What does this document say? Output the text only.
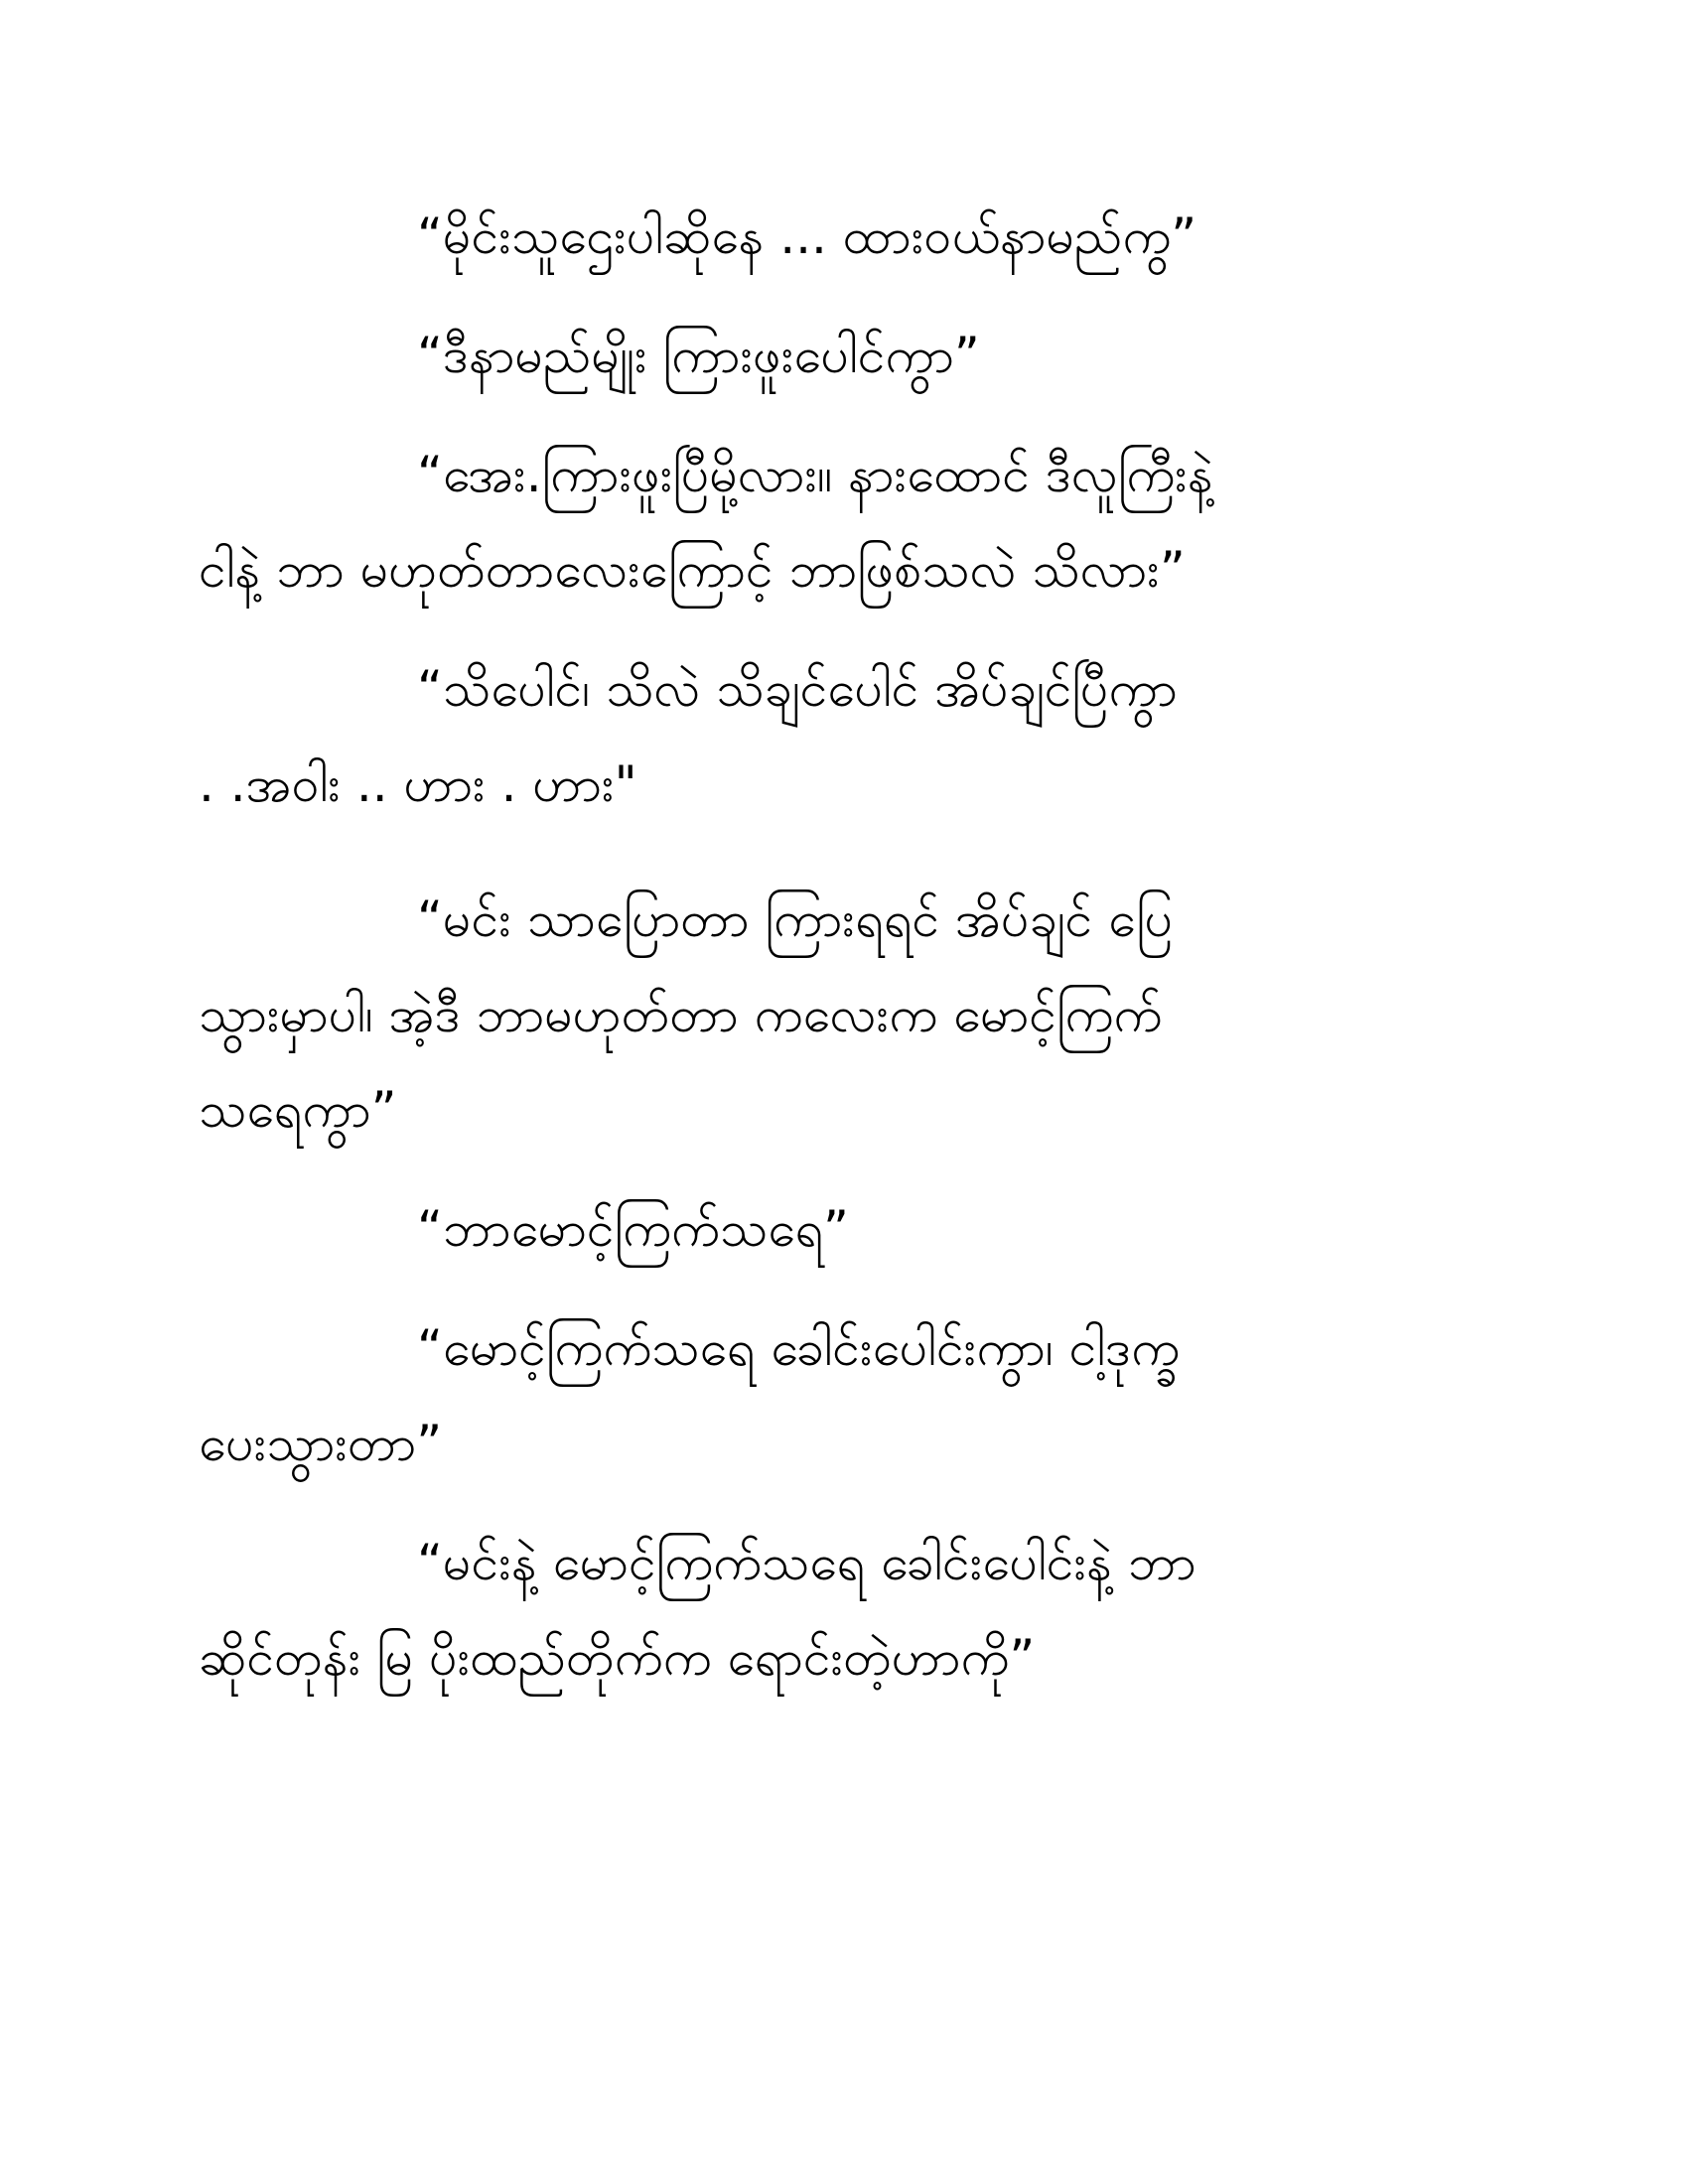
“မိုင်းသူဌေးပါဆိုနေ ... ထားဝယ်နာမည်ကွ”
“ဒီနာမည်မျိုး ကြားဖူးပေါင်ကွာ”
“အေး.ကြားဖူးပြီမို့လား။ နားထောင် ဒီလူကြီးနဲ့
ငါနဲ့ ဘာ မဟုတ်တာလေးကြောင့် ဘာဖြစ်သလဲ သိလား”
“သိပေါင်၊ သိလဲ သိချင်ပေါင် အိပ်ချင်ပြီကွာ
. .အဝါး .. ဟား . ဟား"
“မင်း သာပြောတာ ကြားရရင် အိပ်ချင် ပြေ
သွားမှာပါ၊ အဲ့ဒီ ဘာမဟုတ်တာ ကလေးက မောင့်ကြက်
သရေကွာ”
“ဘာမောင့်ကြက်သရေ”
“မောင့်ကြက်သရေ ခေါင်းပေါင်းကွာ၊ ငါ့ဒုက္ခ
ပေးသွားတာ”
“မင်းနဲ့ မောင့်ကြက်သရေ ခေါင်းပေါင်းနဲ့ ဘာ
ဆိုင်တုန်း မြ ပိုးထည်တိုက်က ရောင်းတဲ့ဟာကို”
